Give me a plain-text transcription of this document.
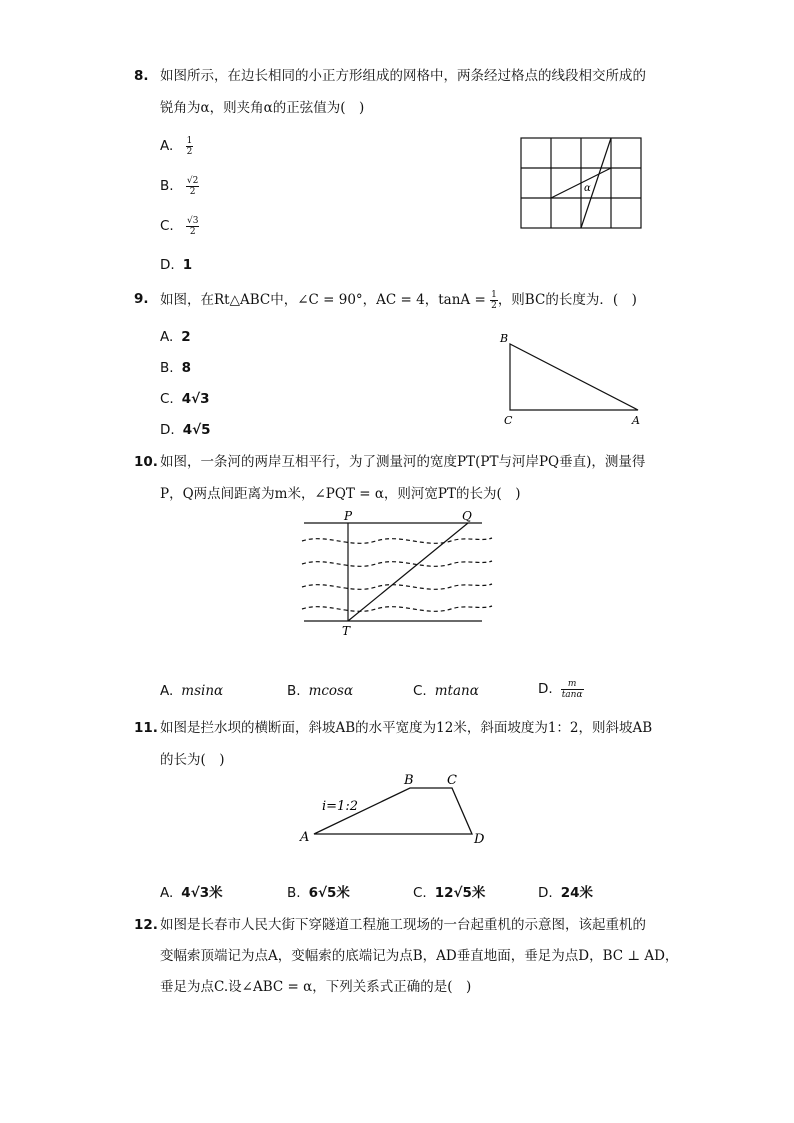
8. 如图所示，在边长相同的小正方形组成的网格中，两条经过格点的线段相交所成的
锐角为α，则夹角α的正弦值为(　)
A. $\frac{1}{2}$
B. $\frac{√2}{2}$
C. $\frac{√3}{2}$
D. 1
α
9. 如图，在Rt△ABC中，∠C = 90°，AC = 4，$\tan A = \frac{1}{2}$ ，则BC的长度为．(　)
A. 2
B. 8
C. 4√3
D. 4√5
B
C	A
10. 如图，一条河的两岸互相平行，为了测量河的宽度PT(PT与河岸PQ垂直)，测量得
P，Q两点间距离为m米，∠PQT = α，则河宽PT的长为(　)
P	Q
T
A. msinα	B. mcosα	C. mtanα	D. $\frac{m}{\tan\alpha}$
11. 如图是拦水坝的横断面，斜坡AB的水平宽度为12米，斜面坡度为1：2，则斜坡AB
的长为(　)
B	C
A	D
i=1:2
A. 4√3米	B. 6√5米	C. 12√5米	D. 24米
12. 如图是长春市人民大街下穿隧道工程施工现场的一台起重机的示意图，该起重机的
变幅索顶端记为点A，变幅索的底端记为点B，AD垂直地面，垂足为点D，BC ⊥ AD，
垂足为点C.设∠ABC = α，下列关系式正确的是(　)
